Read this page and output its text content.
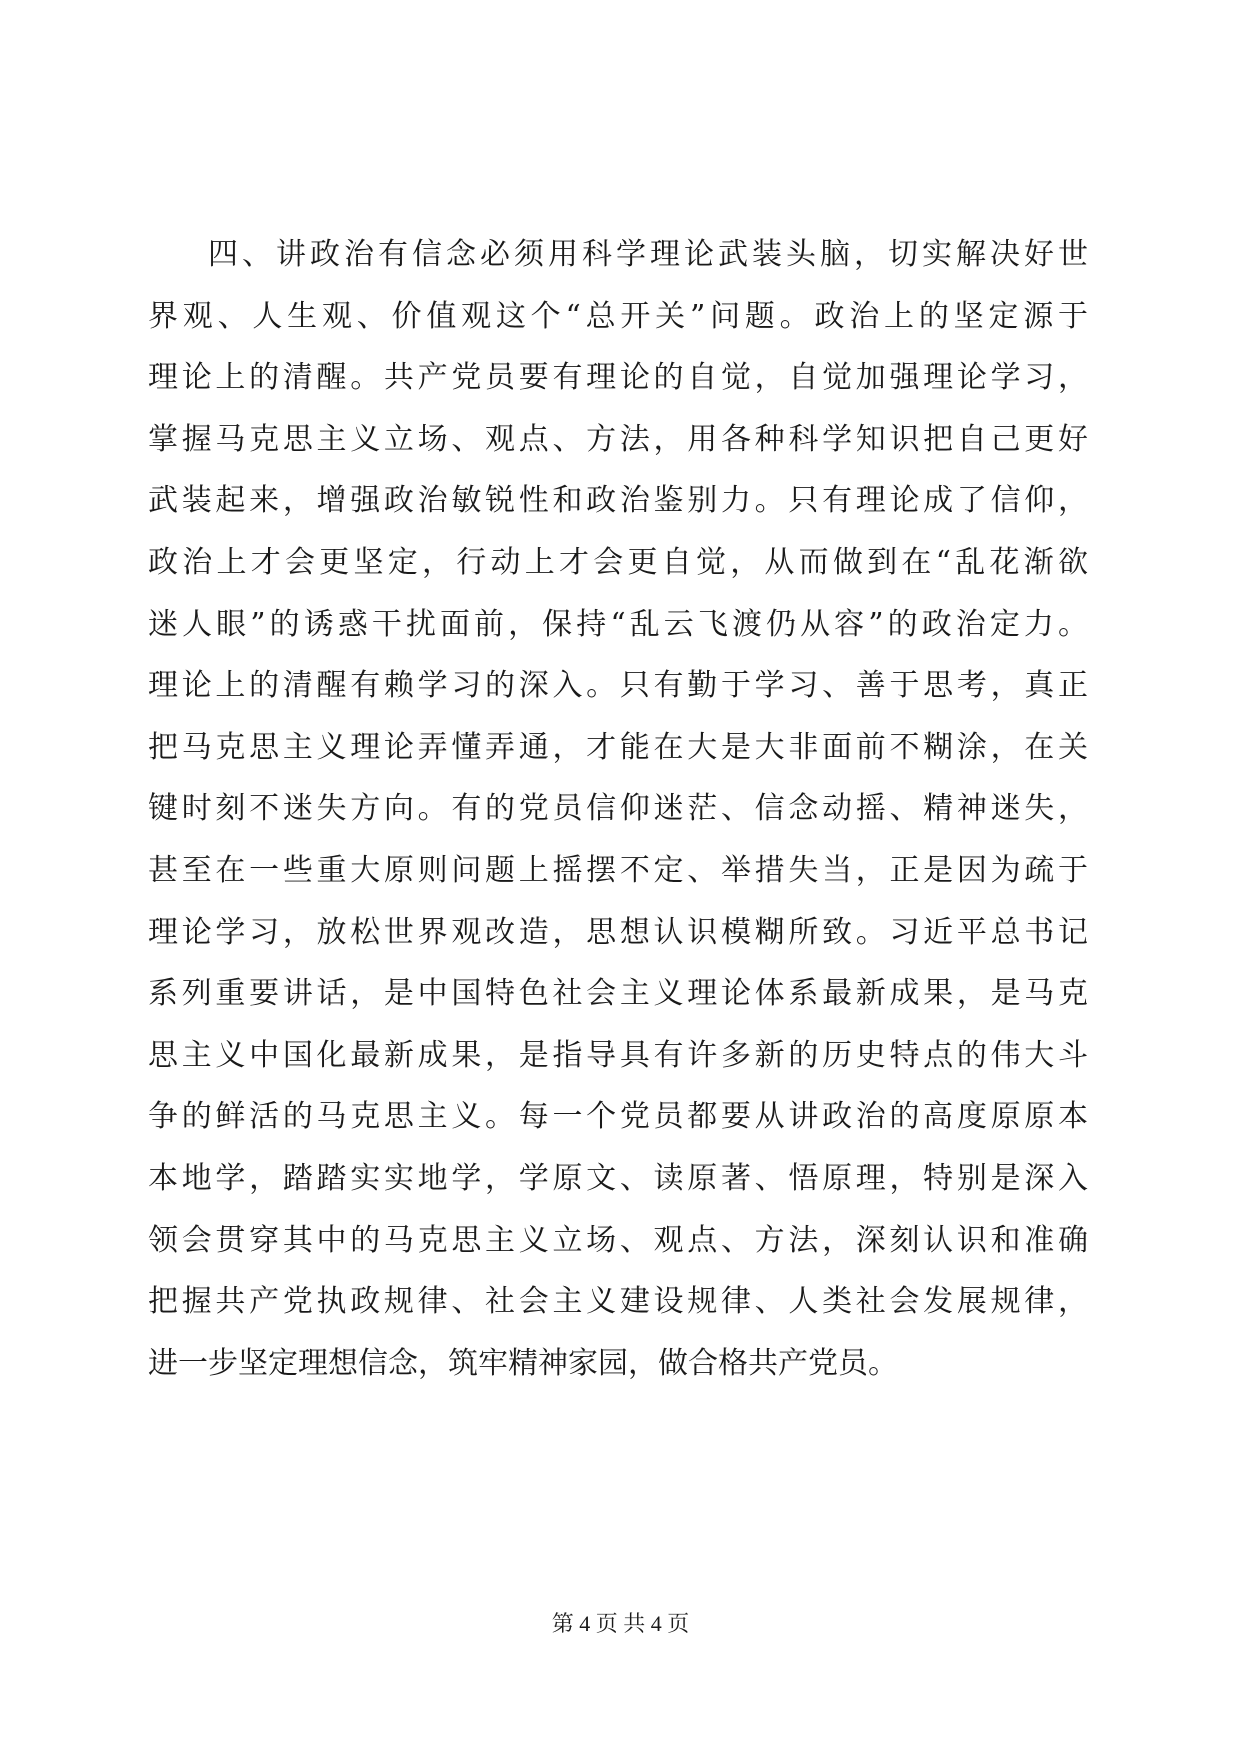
四、讲政治有信念必须用科学理论武装头脑，切实解决好世
界观、人生观、价值观这个“总开关”问题。政治上的坚定源于
理论上的清醒。共产党员要有理论的自觉，自觉加强理论学习，
掌握马克思主义立场、观点、方法，用各种科学知识把自己更好
武装起来，增强政治敏锐性和政治鉴别力。只有理论成了信仰，
政治上才会更坚定，行动上才会更自觉，从而做到在“乱花渐欲
迷人眼”的诱惑干扰面前，保持“乱云飞渡仍从容”的政治定力。
理论上的清醒有赖学习的深入。只有勤于学习、善于思考，真正
把马克思主义理论弄懂弄通，才能在大是大非面前不糊涂，在关
键时刻不迷失方向。有的党员信仰迷茫、信念动摇、精神迷失，
甚至在一些重大原则问题上摇摆不定、举措失当，正是因为疏于
理论学习，放松世界观改造，思想认识模糊所致。习近平总书记
系列重要讲话，是中国特色社会主义理论体系最新成果，是马克
思主义中国化最新成果，是指导具有许多新的历史特点的伟大斗
争的鲜活的马克思主义。每一个党员都要从讲政治的高度原原本
本地学，踏踏实实地学，学原文、读原著、悟原理，特别是深入
领会贯穿其中的马克思主义立场、观点、方法，深刻认识和准确
把握共产党执政规律、社会主义建设规律、人类社会发展规律，
进一步坚定理想信念，筑牢精神家园，做合格共产党员。
第 4 页 共 4 页
